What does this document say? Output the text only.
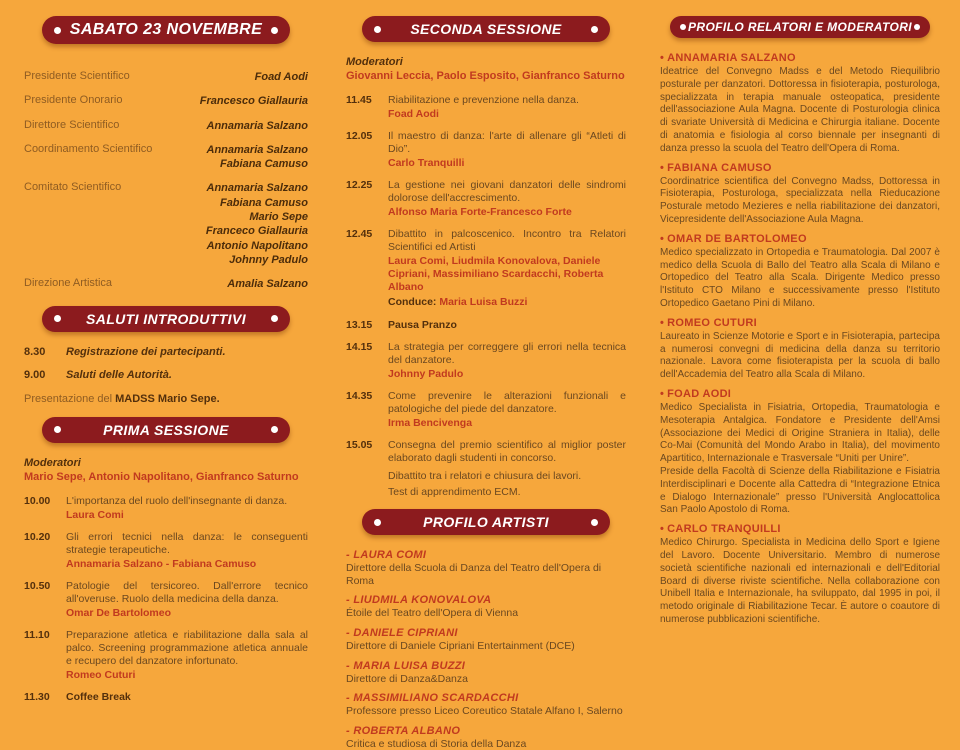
SABATO 23 NOVEMBRE
Presidente Scientifico	Foad Aodi
Presidente Onorario	Francesco Giallauria
Direttore Scientifico	Annamaria Salzano
Coordinamento Scientifico	Annamaria Salzano
Fabiana Camuso
Comitato Scientifico	Annamaria Salzano
Fabiana Camuso
Mario Sepe
Franceco Giallauria
Antonio Napolitano
Johnny Padulo
Direzione Artistica	Amalia Salzano
SALUTI INTRODUTTIVI
8.30	Registrazione dei partecipanti.
9.00	Saluti delle Autorità.
Presentazione del MADSS Mario Sepe.
PRIMA SESSIONE
Moderatori
Mario Sepe, Antonio Napolitano, Gianfranco Saturno
10.00	L'importanza del ruolo dell'insegnante di danza.
Laura Comi
10.20	Gli errori tecnici nella danza: le conseguenti strategie terapeutiche.
Annamaria Salzano - Fabiana Camuso
10.50	Patologie del tersicoreo. Dall'errore tecnico all'overuse. Ruolo della medicina della danza.
Omar De Bartolomeo
11.10	Preparazione atletica e riabilitazione dalla sala al palco. Screening programmazione atletica annuale e recupero del danzatore infortunato.
Romeo Cuturi
11.30	Coffee Break
SECONDA SESSIONE
Moderatori
Giovanni Leccia, Paolo Esposito, Gianfranco Saturno
11.45	Riabilitazione e prevenzione nella danza.
Foad Aodi
12.05	Il maestro di danza: l'arte di allenare gli “Atleti di Dio”.
Carlo Tranquilli
12.25	La gestione nei giovani danzatori delle sindromi dolorose dell'accrescimento.
Alfonso Maria Forte-Francesco Forte
12.45	Dibattito in palcoscenico. Incontro tra Relatori Scientifici ed Artisti
Laura Comi, Liudmila Konovalova, Daniele Cipriani, Massimiliano Scardacchi, Roberta Albano
Conduce: Maria Luisa Buzzi
13.15	Pausa Pranzo
14.15	La strategia per correggere gli errori nella tecnica del danzatore.
Johnny Padulo
14.35	Come prevenire le alterazioni funzionali e patologiche del piede del danzatore.
Irma Bencivenga
15.05	Consegna del premio scientifico al miglior poster elaborato dagli studenti in concorso.
Dibattito tra i relatori e chiusura dei lavori.
Test di apprendimento ECM.
PROFILO ARTISTI
- LAURA COMI
Direttore della Scuola di Danza del Teatro dell'Opera di Roma
- LIUDMILA KONOVALOVA
Étoile del Teatro dell'Opera di Vienna
- DANIELE CIPRIANI
Direttore di Daniele Cipriani Entertainment (DCE)
- MARIA LUISA BUZZI
Direttore di Danza&Danza
- MASSIMILIANO SCARDACCHI
Professore presso Liceo Coreutico Statale Alfano I, Salerno
- ROBERTA ALBANO
Critica e studiosa di Storia della Danza
PROFILO RELATORI E MODERATORI
• ANNAMARIA SALZANO
Ideatrice del Convegno Madss e del Metodo Riequilibrio posturale per danzatori. Dottoressa in fisioterapia, posturologa, specializzata in terapia manuale osteopatica, presidente dell'associazione Aula Magna. Docente di Posturologia clinica di svariate Università di Medicina e Chirurgia italiane. Docente di anatomia e fisiologia al corso biennale per insegnanti di danza presso la scuola del Teatro dell'Opera di Roma.
• FABIANA CAMUSO
Coordinatrice scientifica del Convegno Madss, Dottoressa in Fisioterapia, Posturologa, specializzata nella Rieducazione Posturale metodo Mezieres e nella riabilitazione dei danzatori, Vicepresidente dell'Associazione Aula Magna.
• OMAR DE BARTOLOMEO
Medico specializzato in Ortopedia e Traumatologia. Dal 2007 è medico della Scuola di Ballo del Teatro alla Scala di Milano e Ortopedico del Teatro alla Scala. Dirigente Medico presso l'Istituto CTO Milano e successivamente presso l'Istituto Ortopedico Gaetano Pini di Milano.
• ROMEO CUTURI
Laureato in Scienze Motorie e Sport e in Fisioterapia, partecipa a numerosi convegni di medicina della danza su territorio nazionale. Lavora come fisioterapista per la scuola di ballo dell'Accademia del Teatro alla Scala di Milano.
• FOAD AODI
Medico Specialista in Fisiatria, Ortopedia, Traumatologia e Mesoterapia Antalgica. Fondatore e Presidente dell'Amsi (Associazione dei Medici di Origine Straniera in Italia), delle Co-Mai (Comunità del Mondo Arabo in Italia), del movimento Apartitico, Internazionale e Trasversale “Uniti per Unire”.
Preside della Facoltà di Scienze della Riabilitazione e Fisiatria Interdisciplinari e Docente alla Cattedra di “Integrazione Etnica e Dialogo Internazionale” presso l'Università Anglocattolica San Paolo Apostolo di Roma.
• CARLO TRANQUILLI
Medico Chirurgo. Specialista in Medicina dello Sport e Igiene del Lavoro. Docente Universitario. Membro di numerose società scientifiche nazionali ed internazionali e dell'Editorial Board di diverse riviste scientifiche. Nella collaborazione con Unibell Italia e Internazionale, ha sviluppato, dal 1995 in poi, il metodo originale di Riabilitazione Tecar. È autore o coautore di numerose pubblicazioni scientifiche.
